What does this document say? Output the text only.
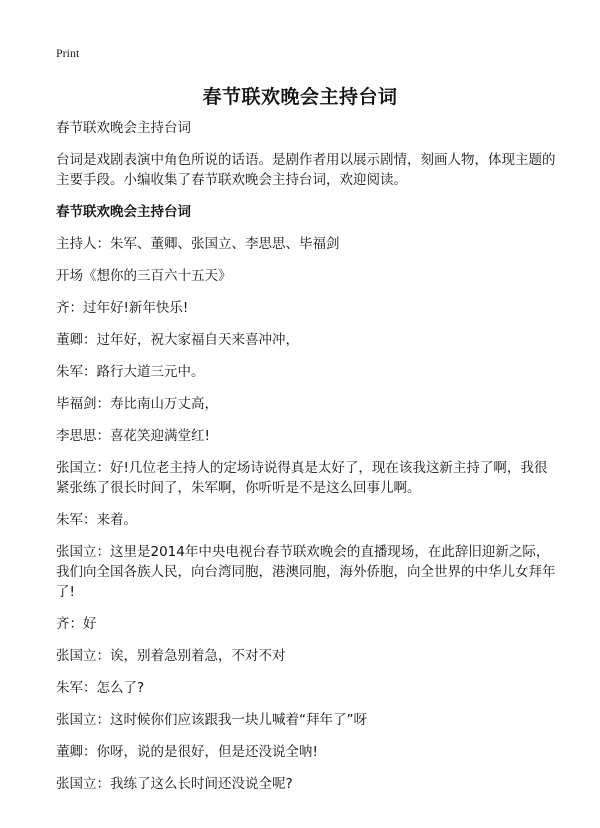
Print
春节联欢晚会主持台词

春节联欢晚会主持台词

台词是戏剧表演中角色所说的话语。是剧作者用以展示剧情，刻画人物，体现主题的主要手段。小编收集了春节联欢晚会主持台词，欢迎阅读。

春节联欢晚会主持台词

主持人：朱军、董卿、张国立、李思思、毕福剑

开场《想你的三百六十五天》

齐：过年好!新年快乐!

董卿：过年好，祝大家福自天来喜冲冲，

朱军：路行大道三元中。

毕福剑：寿比南山万丈高，

李思思：喜花笑迎满堂红!

张国立：好!几位老主持人的定场诗说得真是太好了，现在该我这新主持了啊，我很紧张练了很长时间了，朱军啊，你听听是不是这么回事儿啊。

朱军：来着。

张国立：这里是2014年中央电视台春节联欢晚会的直播现场，在此辞旧迎新之际，我们向全国各族人民，向台湾同胞，港澳同胞，海外侨胞，向全世界的中华儿女拜年了!

齐：好

张国立：诶，别着急别着急，不对不对

朱军：怎么了?

张国立：这时候你们应该跟我一块儿喊着“拜年了”呀

董卿：你呀，说的是很好，但是还没说全呐!

张国立：我练了这么长时间还没说全呢?
